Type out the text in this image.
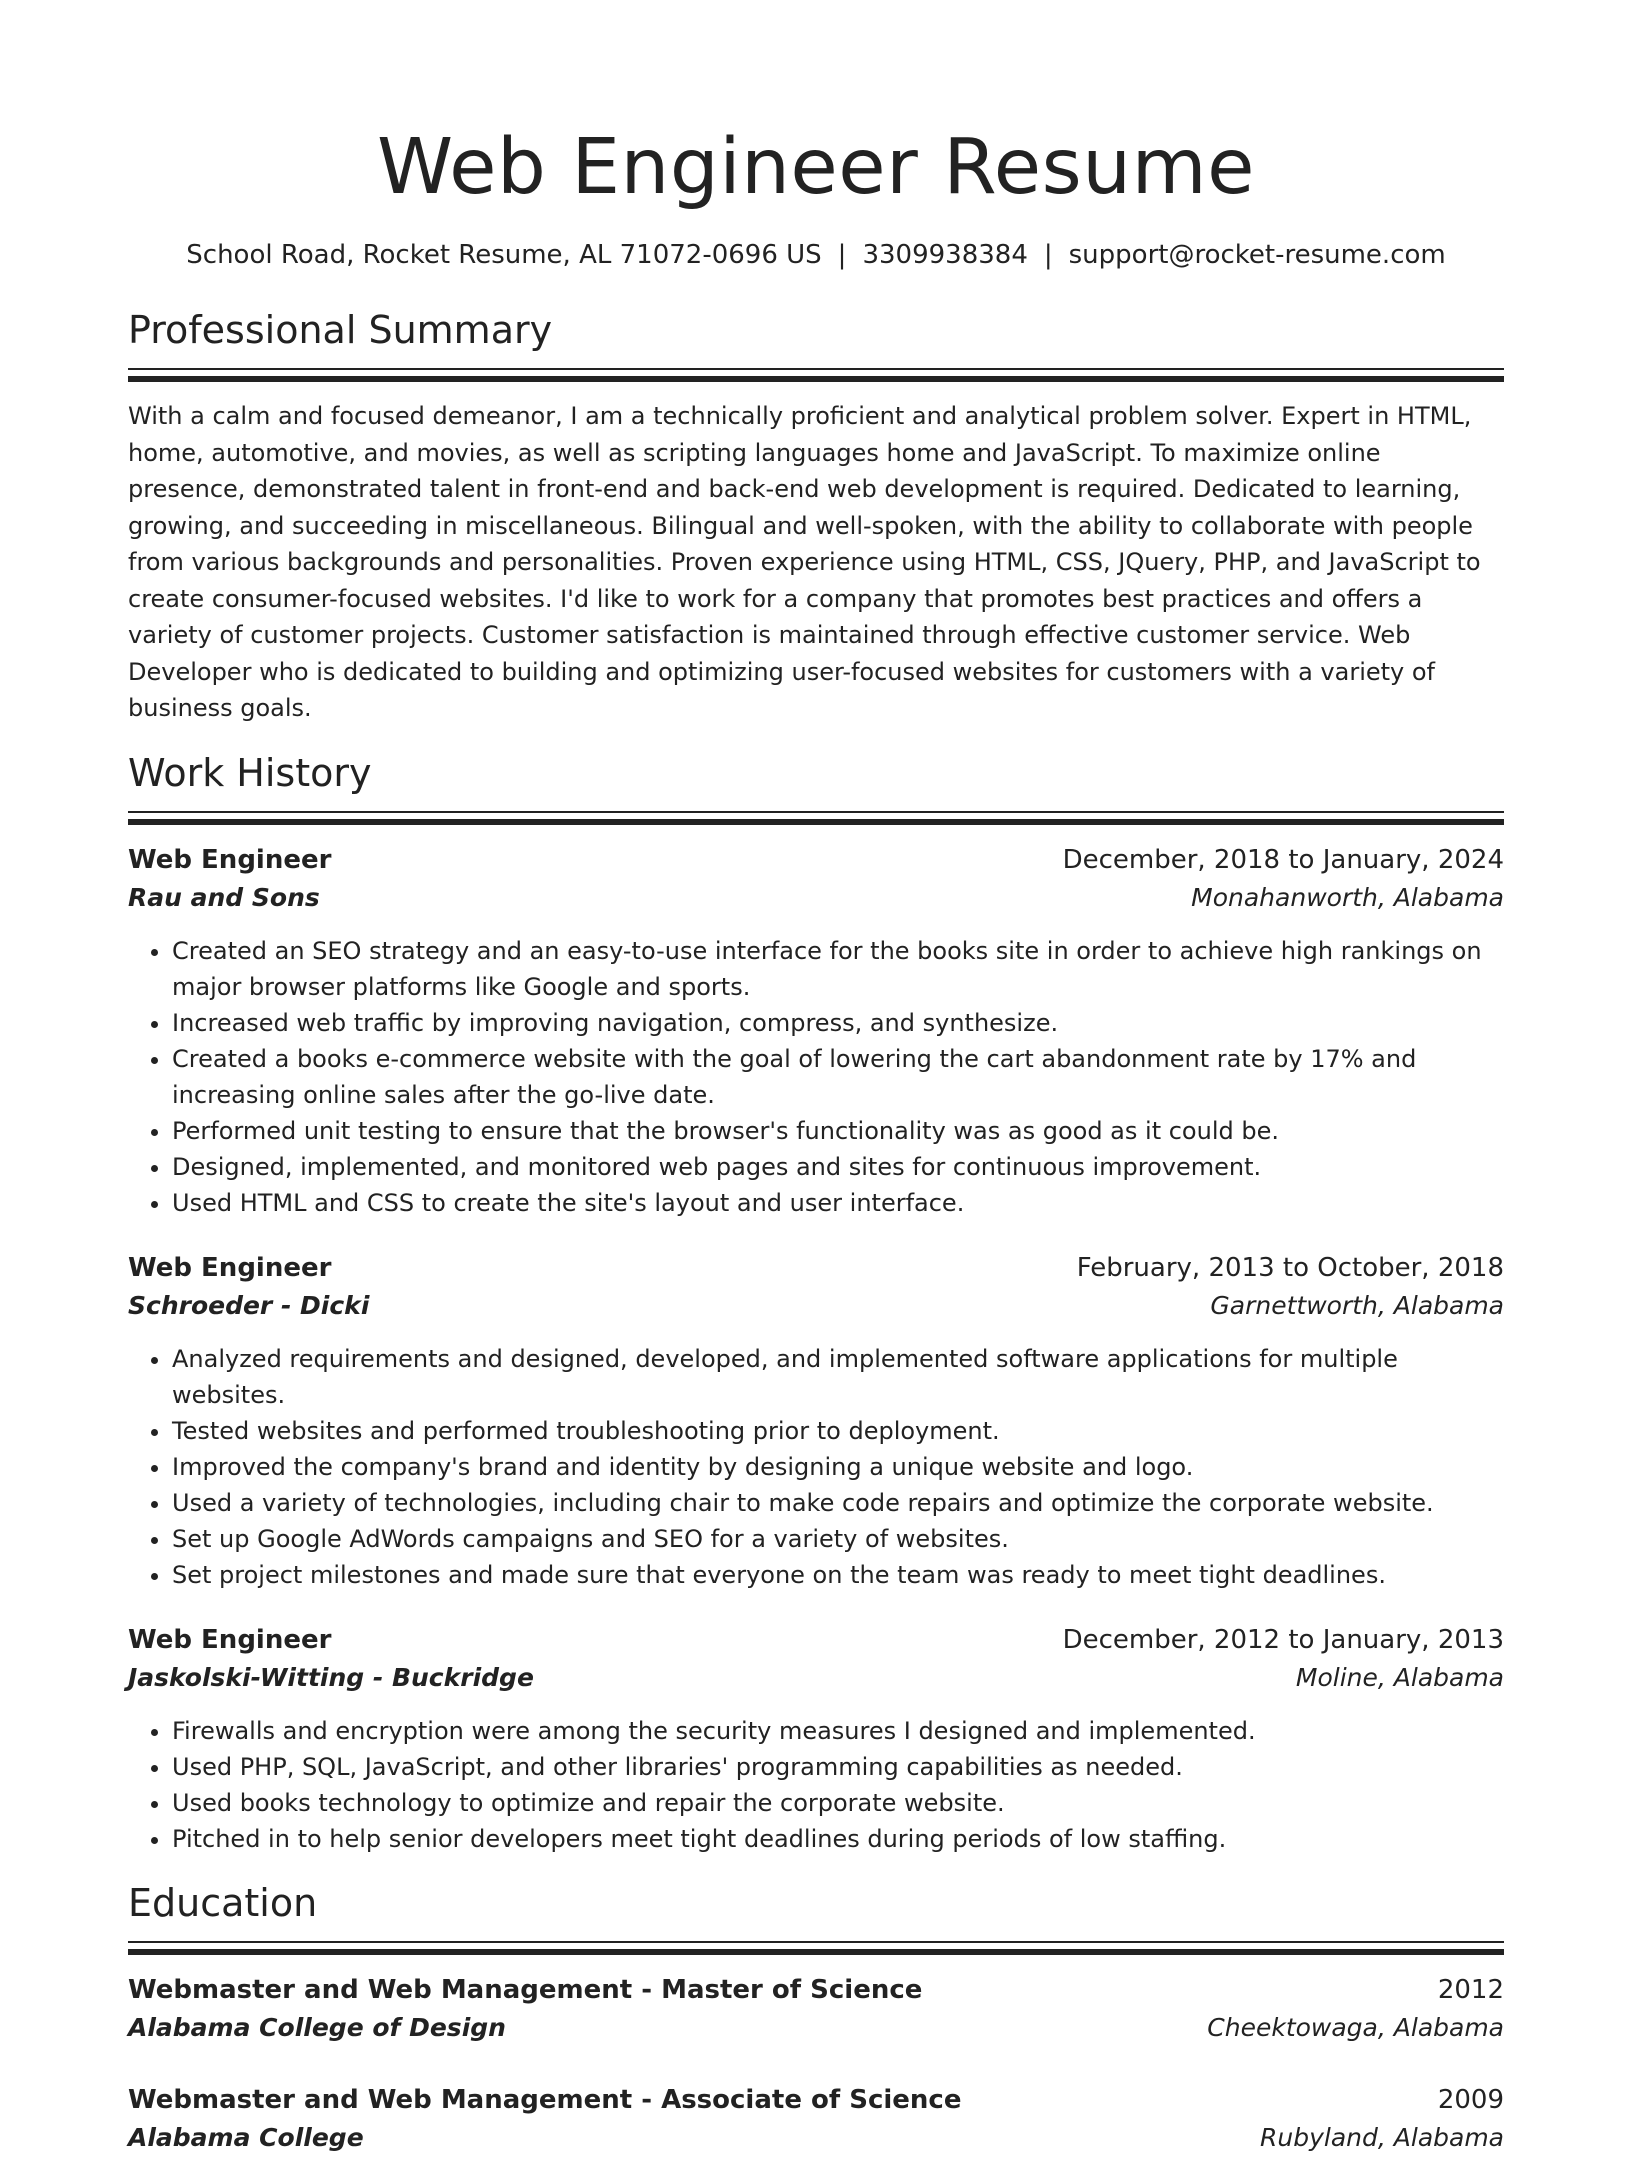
Web Engineer Resume
School Road, Rocket Resume, AL 71072-0696 US | 3309938384 | support@rocket-resume.com
Professional Summary

With a calm and focused demeanor, I am a technically proficient and analytical problem solver. Expert in HTML, home, automotive, and movies, as well as scripting languages home and JavaScript. To maximize online presence, demonstrated talent in front-end and back-end web development is required. Dedicated to learning, growing, and succeeding in miscellaneous. Bilingual and well-spoken, with the ability to collaborate with people from various backgrounds and personalities. Proven experience using HTML, CSS, JQuery, PHP, and JavaScript to create consumer-focused websites. I'd like to work for a company that promotes best practices and offers a variety of customer projects. Customer satisfaction is maintained through effective customer service. Web Developer who is dedicated to building and optimizing user-focused websites for customers with a variety of business goals.

Work History
Web Engineer	December, 2018 to January, 2024
Rau and Sons	Monahanworth, Alabama
• Created an SEO strategy and an easy-to-use interface for the books site in order to achieve high rankings on major browser platforms like Google and sports.
• Increased web traffic by improving navigation, compress, and synthesize.
• Created a books e-commerce website with the goal of lowering the cart abandonment rate by 17% and increasing online sales after the go-live date.
• Performed unit testing to ensure that the browser's functionality was as good as it could be.
• Designed, implemented, and monitored web pages and sites for continuous improvement.
• Used HTML and CSS to create the site's layout and user interface.
Web Engineer	February, 2013 to October, 2018
Schroeder - Dicki	Garnettworth, Alabama
• Analyzed requirements and designed, developed, and implemented software applications for multiple websites.
• Tested websites and performed troubleshooting prior to deployment.
• Improved the company's brand and identity by designing a unique website and logo.
• Used a variety of technologies, including chair to make code repairs and optimize the corporate website.
• Set up Google AdWords campaigns and SEO for a variety of websites.
• Set project milestones and made sure that everyone on the team was ready to meet tight deadlines.
Web Engineer	December, 2012 to January, 2013
Jaskolski-Witting - Buckridge	Moline, Alabama
• Firewalls and encryption were among the security measures I designed and implemented.
• Used PHP, SQL, JavaScript, and other libraries' programming capabilities as needed.
• Used books technology to optimize and repair the corporate website.
• Pitched in to help senior developers meet tight deadlines during periods of low staffing.
Education
Webmaster and Web Management - Master of Science	2012
Alabama College of Design	Cheektowaga, Alabama
Webmaster and Web Management - Associate of Science	2009
Alabama College	Rubyland, Alabama
